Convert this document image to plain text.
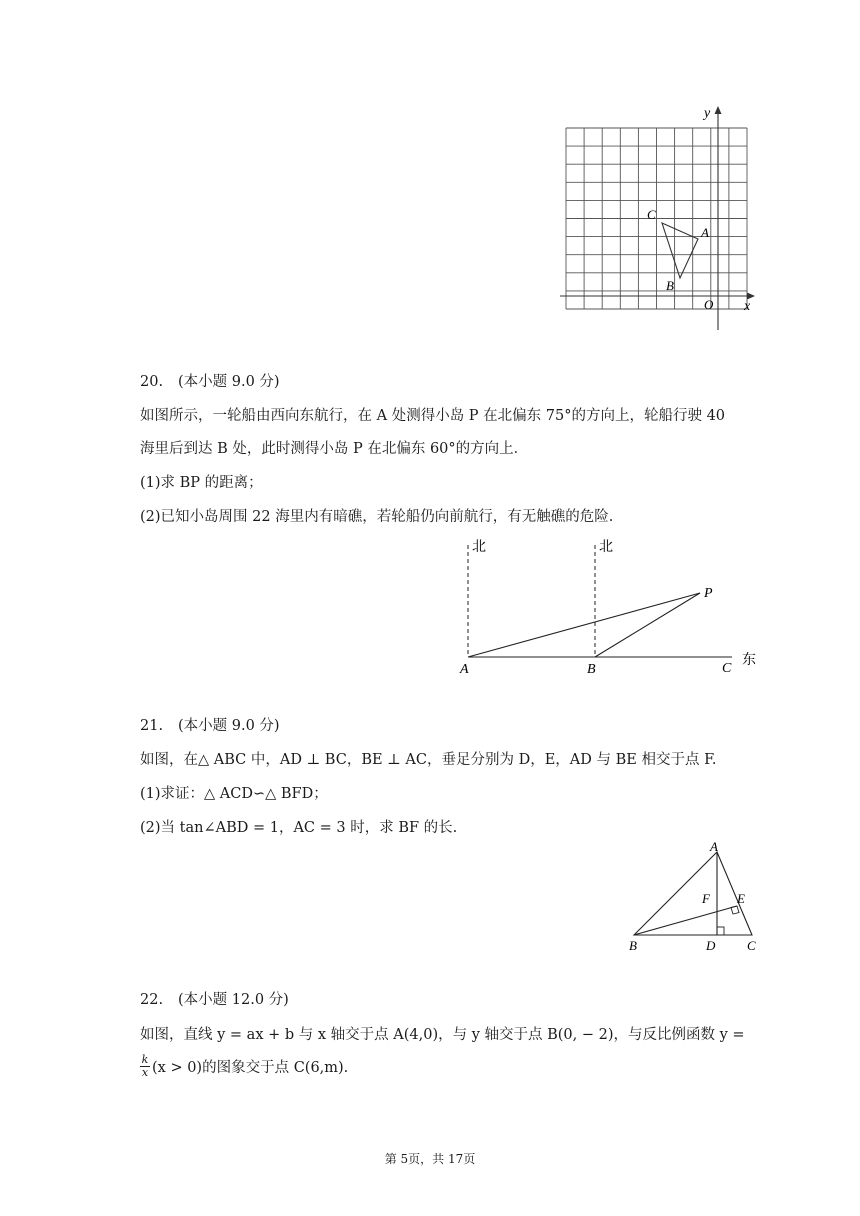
y
x
O
C
A
B
20. (本小题 9.0 分)
如图所示，一轮船由西向东航行，在 A 处测得小岛 P 在北偏东 75°的方向上，轮船行驶 40
海里后到达 B 处，此时测得小岛 P 在北偏东 60°的方向上．
(1)求 BP 的距离；
(2)已知小岛周围 22 海里内有暗礁，若轮船仍向前航行，有无触礁的危险.
北	北
P
A	B	C
东
21. (本小题 9.0 分)
如图，在△ ABC 中，AD ⊥ BC，BE ⊥ AC，垂足分别为 D，E，AD 与 BE 相交于点 F.
(1)求证：△ ACD∽△ BFD；
(2)当 tan∠ABD = 1，AC = 3 时，求 BF 的长.
A
F E
B	D C
22. (本小题 12.0 分)
如图，直线 y = ax + b 与 x 轴交于点 A(4,0)，与 y 轴交于点 B(0, − 2)，与反比例函数 y =
$\frac{k}{x} (x > 0)$的图象交于点 C(6,m).
第 5页，共 17页
